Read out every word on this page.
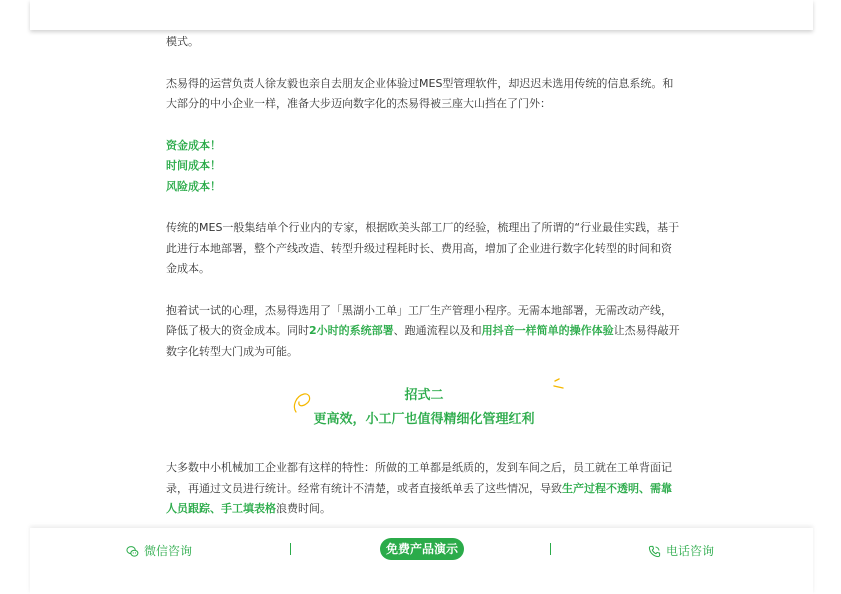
模式。

杰易得的运营负责人徐友毅也亲自去朋友企业体验过MES型管理软件，却迟迟未选用传统的信息系统。和大部分的中小企业一样，准备大步迈向数字化的杰易得被三座大山挡在了门外：

资金成本！
时间成本！
风险成本！

传统的MES一般集结单个行业内的专家，根据欧美头部工厂的经验，梳理出了所谓的“行业最佳实践，基于此进行本地部署，整个产线改造、转型升级过程耗时长、费用高，增加了企业进行数字化转型的时间和资金成本。

抱着试一试的心理，杰易得选用了「黑湖小工单」工厂生产管理小程序。无需本地部署，无需改动产线，降低了极大的资金成本。同时2小时的系统部署、跑通流程以及和用抖音一样简单的操作体验让杰易得敲开数字化转型大门成为可能。

招式二
更高效，小工厂也值得精细化管理红利

大多数中小机械加工企业都有这样的特性：所做的工单都是纸质的，发到车间之后，员工就在工单背面记录，再通过文员进行统计。经常有统计不清楚，或者直接纸单丢了这些情况，导致生产过程不透明、需靠人员跟踪、手工填表格浪费时间。

微信咨询	免费产品演示	电话咨询
